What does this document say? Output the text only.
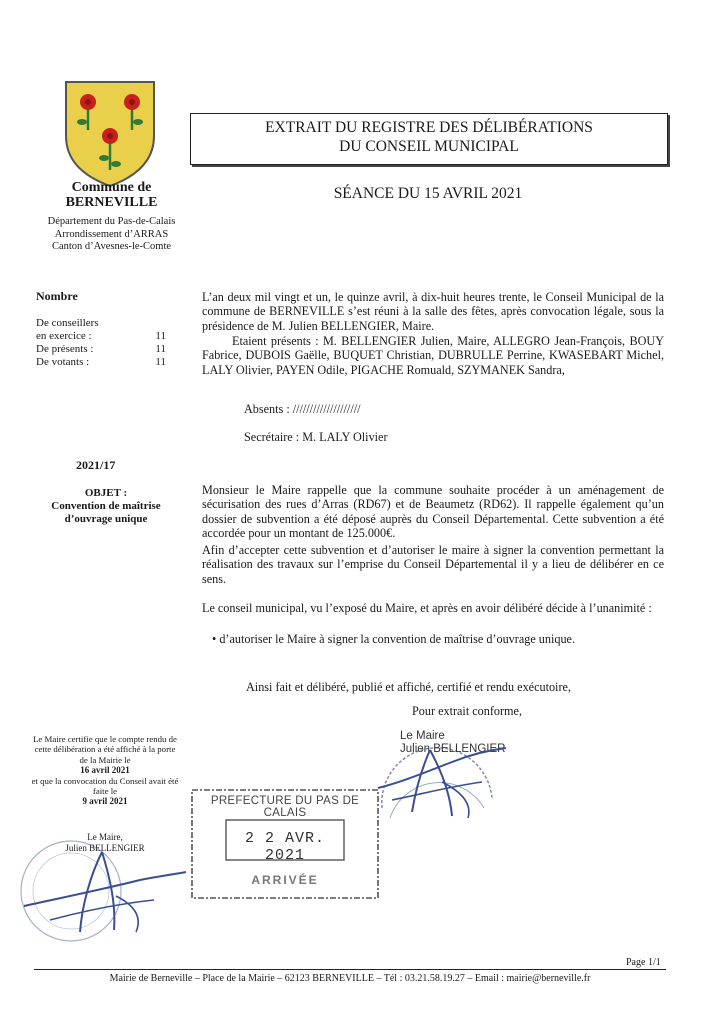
Commune de
BERNEVILLE
Département du Pas-de-Calais
Arrondissement d’ARRAS
Canton d’Avesnes-le-Comte
EXTRAIT DU REGISTRE DES DÉLIBÉRATIONS
DU CONSEIL MUNICIPAL
SÉANCE DU 15 AVRIL 2021
Nombre
De conseillers
en exercice :	11
De présents :	11
De votants :	11
2021/17
OBJET :
Convention de maîtrise d’ouvrage unique
L’an deux mil vingt et un, le quinze avril, à dix-huit heures trente, le Conseil Municipal de la commune de BERNEVILLE s’est réuni à la salle des fêtes, après convocation légale, sous la présidence de M. Julien BELLENGIER, Maire.
Etaient présents : M. BELLENGIER Julien, Maire, ALLEGRO Jean-François, BOUY Fabrice, DUBOIS Gaëlle, BUQUET Christian, DUBRULLE Perrine, KWASEBART Michel, LALY Olivier, PAYEN Odile, PIGACHE Romuald, SZYMANEK Sandra,
Absents : ////////////////////
Secrétaire : M. LALY Olivier
Monsieur le Maire rappelle que la commune souhaite procéder à un aménagement de sécurisation des rues d’Arras (RD67) et de Beaumetz (RD62). Il rappelle également qu’un dossier de subvention a été déposé auprès du Conseil Départemental. Cette subvention a été accordée pour un montant de 125.000€.
Afin d’accepter cette subvention et d’autoriser le maire à signer la convention permettant la réalisation des travaux sur l’emprise du Conseil Départemental il y a lieu de délibérer en ce sens.
Le conseil municipal, vu l’exposé du Maire, et après en avoir délibéré décide à l’unanimité :
• d’autoriser le Maire à signer la convention de maîtrise d’ouvrage unique.
Ainsi fait et délibéré, publié et affiché, certifié et rendu exécutoire,
Pour extrait conforme,
Le Maire
Julien BELLENGIER
Le Maire certifie que le compte rendu de cette délibération a été affiché à la porte de la Mairie le
16 avril 2021
et que la convocation du Conseil avait été faite le
9 avril 2021
Le Maire,
Julien BELLENGIER
PREFECTURE DU PAS DE CALAIS
2 2 AVR. 2021
ARRIVÉE
Page 1/1
Mairie de Berneville – Place de la Mairie – 62123 BERNEVILLE – Tél : 03.21.58.19.27 – Email : mairie@berneville.fr
